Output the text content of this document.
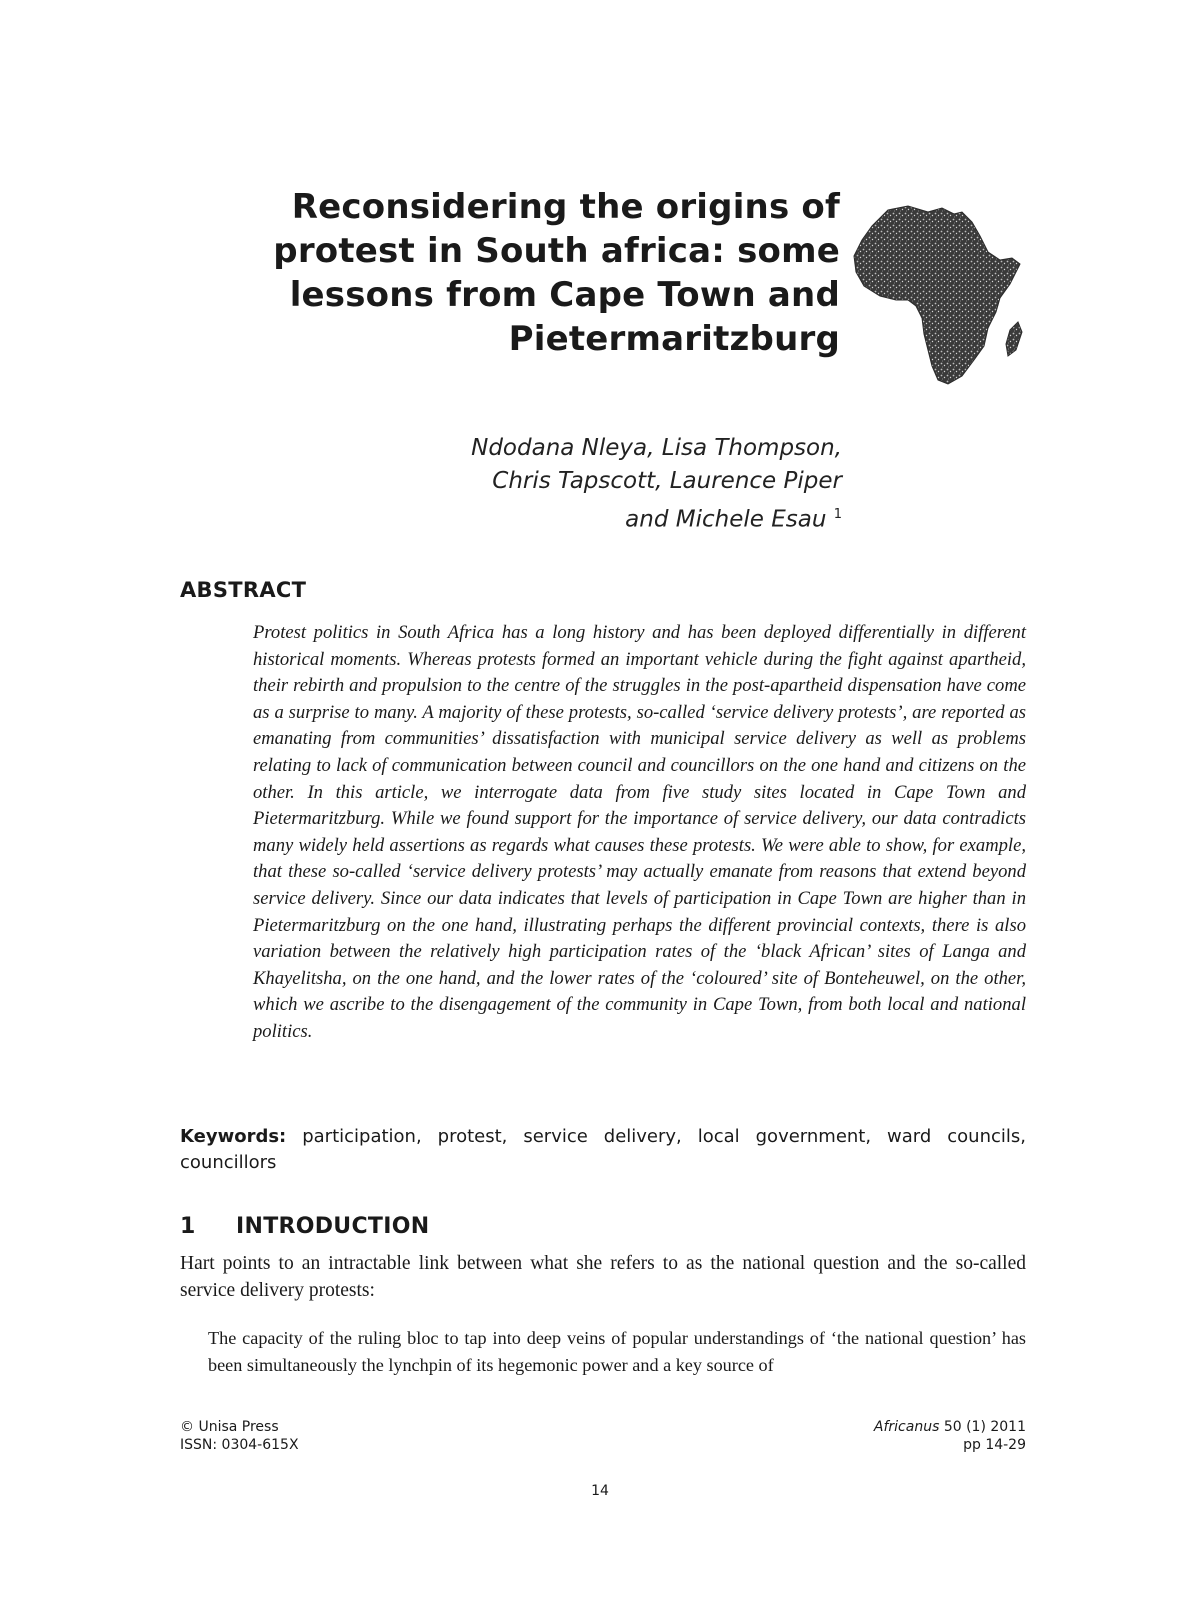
Reconsidering the origins of
protest in South africa: some
lessons from Cape Town and
Pietermaritzburg
Ndodana Nleya, Lisa Thompson,
Chris Tapscott, Laurence Piper
and Michele Esau $^1$
ABSTRACT

Protest politics in South Africa has a long history and has been deployed differentially in different historical moments. Whereas protests formed an important vehicle during the fight against apartheid, their rebirth and propulsion to the centre of the struggles in the post-apartheid dispensation have come as a surprise to many. A majority of these protests, so-called ‘service delivery protests’, are reported as emanating from communities’ dissatisfaction with municipal service delivery as well as problems relating to lack of communication between council and councillors on the one hand and citizens on the other. In this article, we interrogate data from five study sites located in Cape Town and Pietermaritzburg. While we found support for the importance of service delivery, our data contradicts many widely held assertions as regards what causes these protests. We were able to show, for example, that these so-called ‘service delivery protests’ may actually emanate from reasons that extend beyond service delivery. Since our data indicates that levels of participation in Cape Town are higher than in Pietermaritzburg on the one hand, illustrating perhaps the different provincial contexts, there is also variation between the relatively high participation rates of the ‘black African’ sites of Langa and Khayelitsha, on the one hand, and the lower rates of the ‘coloured’ site of Bonteheuwel, on the other, which we ascribe to the disengagement of the community in Cape Town, from both local and national politics.

Keywords: participation, protest, service delivery, local government, ward councils, councillors

1 INTRODUCTION

Hart points to an intractable link between what she refers to as the national question and the so-called service delivery protests:

The capacity of the ruling bloc to tap into deep veins of popular understandings of ‘the national question’ has been simultaneously the lynchpin of its hegemonic power and a key source of

© Unisa Press
ISSN: 0304-615X
Africanus 50 (1) 2011
pp 14-29
14
